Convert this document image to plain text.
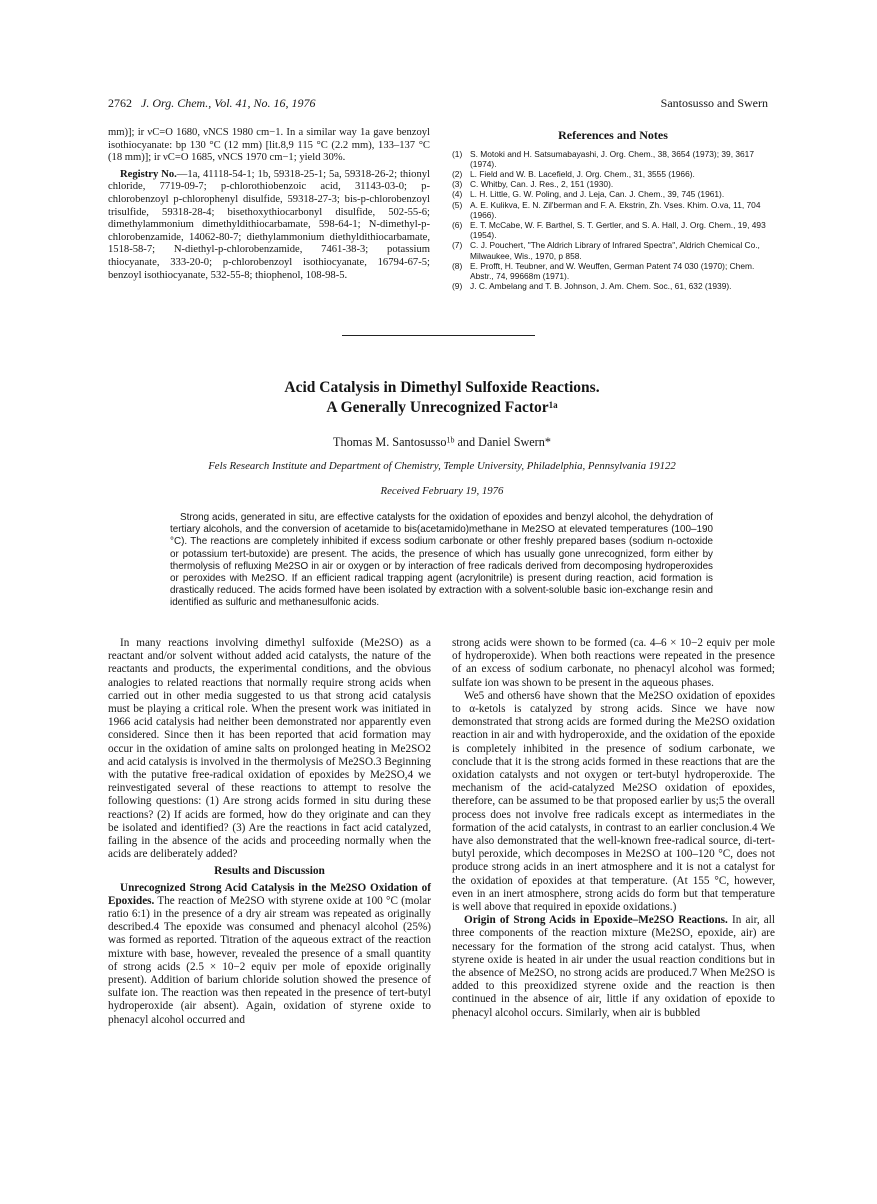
2762 J. Org. Chem., Vol. 41, No. 16, 1976	Santosusso and Swern

mm)]; ir νC=O 1680, νNCS 1980 cm−1. In a similar way 1a gave benzoyl isothiocyanate: bp 130 °C (12 mm) [lit.8,9 115 °C (2.2 mm), 133–137 °C (18 mm)]; ir νC=O 1685, νNCS 1970 cm−1; yield 30%.

Registry No.—1a, 41118-54-1; 1b, 59318-25-1; 5a, 59318-26-2; thionyl chloride, 7719-09-7; p-chlorothiobenzoic acid, 31143-03-0; p-chlorobenzoyl p-chlorophenyl disulfide, 59318-27-3; bis-p-chlorobenzoyl trisulfide, 59318-28-4; bisethoxythiocarbonyl disulfide, 502-55-6; dimethylammonium dimethyldithiocarbamate, 598-64-1; N-dimethyl-p-chlorobenzamide, 14062-80-7; diethylammonium diethyldithiocarbamate, 1518-58-7; N-diethyl-p-chlorobenzamide, 7461-38-3; potassium thiocyanate, 333-20-0; p-chlorobenzoyl isothiocyanate, 16794-67-5; benzoyl isothiocyanate, 532-55-8; thiophenol, 108-98-5.

References and Notes
(1) S. Motoki and H. Satsumabayashi, J. Org. Chem., 38, 3654 (1973); 39, 3617 (1974).
(2) L. Field and W. B. Lacefield, J. Org. Chem., 31, 3555 (1966).
(3) C. Whitby, Can. J. Res., 2, 151 (1930).
(4) L. H. Little, G. W. Poling, and J. Leja, Can. J. Chem., 39, 745 (1961).
(5) A. E. Kulikva, E. N. Zil'berman and F. A. Ekstrin, Zh. Vses. Khim. O.va, 11, 704 (1966).
(6) E. T. McCabe, W. F. Barthel, S. T. Gertler, and S. A. Hall, J. Org. Chem., 19, 493 (1954).
(7) C. J. Pouchert, "The Aldrich Library of Infrared Spectra", Aldrich Chemical Co., Milwaukee, Wis., 1970, p 858.
(8) E. Profft, H. Teubner, and W. Weuffen, German Patent 74 030 (1970); Chem. Abstr., 74, 99668m (1971).
(9) J. C. Ambelang and T. B. Johnson, J. Am. Chem. Soc., 61, 632 (1939).
Acid Catalysis in Dimethyl Sulfoxide Reactions.
A Generally Unrecognized Factor$^{1a}$
Thomas M. Santosusso$^{1b}$ and Daniel Swern*
Fels Research Institute and Department of Chemistry, Temple University, Philadelphia, Pennsylvania 19122
Received February 19, 1976

Strong acids, generated in situ, are effective catalysts for the oxidation of epoxides and benzyl alcohol, the dehydration of tertiary alcohols, and the conversion of acetamide to bis(acetamido)methane in Me2SO at elevated temperatures (100–190 °C). The reactions are completely inhibited if excess sodium carbonate or other freshly prepared bases (sodium n-octoxide or potassium tert-butoxide) are present. The acids, the presence of which has usually gone unrecognized, form either by thermolysis of refluxing Me2SO in air or oxygen or by interaction of free radicals derived from decomposing hydroperoxides or peroxides with Me2SO. If an efficient radical trapping agent (acrylonitrile) is present during reaction, acid formation is drastically reduced. The acids formed have been isolated by extraction with a solvent-soluble basic ion-exchange resin and identified as sulfuric and methanesulfonic acids.

In many reactions involving dimethyl sulfoxide (Me2SO) as a reactant and/or solvent without added acid catalysts, the nature of the reactants and products, the experimental conditions, and the obvious analogies to related reactions that normally require strong acids when carried out in other media suggested to us that strong acid catalysis must be playing a critical role. When the present work was initiated in 1966 acid catalysis had neither been demonstrated nor apparently even considered. Since then it has been reported that acid formation may occur in the oxidation of amine salts on prolonged heating in Me2SO2 and acid catalysis is involved in the thermolysis of Me2SO.3 Beginning with the putative free-radical oxidation of epoxides by Me2SO,4 we reinvestigated several of these reactions to attempt to resolve the following questions: (1) Are strong acids formed in situ during these reactions? (2) If acids are formed, how do they originate and can they be isolated and identified? (3) Are the reactions in fact acid catalyzed, failing in the absence of the acids and proceeding normally when the acids are deliberately added?

Results and Discussion

Unrecognized Strong Acid Catalysis in the Me2SO Oxidation of Epoxides. The reaction of Me2SO with styrene oxide at 100 °C (molar ratio 6:1) in the presence of a dry air stream was repeated as originally described.4 The epoxide was consumed and phenacyl alcohol (25%) was formed as reported. Titration of the aqueous extract of the reaction mixture with base, however, revealed the presence of a small quantity of strong acids (2.5 × 10−2 equiv per mole of epoxide originally present). Addition of barium chloride solution showed the presence of sulfate ion. The reaction was then repeated in the presence of tert-butyl hydroperoxide (air absent). Again, oxidation of styrene oxide to phenacyl alcohol occurred and

strong acids were shown to be formed (ca. 4–6 × 10−2 equiv per mole of hydroperoxide). When both reactions were repeated in the presence of an excess of sodium carbonate, no phenacyl alcohol was formed; sulfate ion was shown to be present in the aqueous phases.

We5 and others6 have shown that the Me2SO oxidation of epoxides to α-ketols is catalyzed by strong acids. Since we have now demonstrated that strong acids are formed during the Me2SO oxidation reaction in air and with hydroperoxide, and the oxidation of the epoxide is completely inhibited in the presence of sodium carbonate, we conclude that it is the strong acids formed in these reactions that are the oxidation catalysts and not oxygen or tert-butyl hydroperoxide. The mechanism of the acid-catalyzed Me2SO oxidation of epoxides, therefore, can be assumed to be that proposed earlier by us;5 the overall process does not involve free radicals except as intermediates in the formation of the acid catalysts, in contrast to an earlier conclusion.4 We have also demonstrated that the well-known free-radical source, di-tert-butyl peroxide, which decomposes in Me2SO at 100–120 °C, does not produce strong acids in an inert atmosphere and it is not a catalyst for the oxidation of epoxides at that temperature. (At 155 °C, however, even in an inert atmosphere, strong acids do form but that temperature is well above that required in epoxide oxidations.)

Origin of Strong Acids in Epoxide–Me2SO Reactions. In air, all three components of the reaction mixture (Me2SO, epoxide, air) are necessary for the formation of the strong acid catalyst. Thus, when styrene oxide is heated in air under the usual reaction conditions but in the absence of Me2SO, no strong acids are produced.7 When Me2SO is added to this preoxidized styrene oxide and the reaction is then continued in the absence of air, little if any oxidation of epoxide to phenacyl alcohol occurs. Similarly, when air is bubbled
